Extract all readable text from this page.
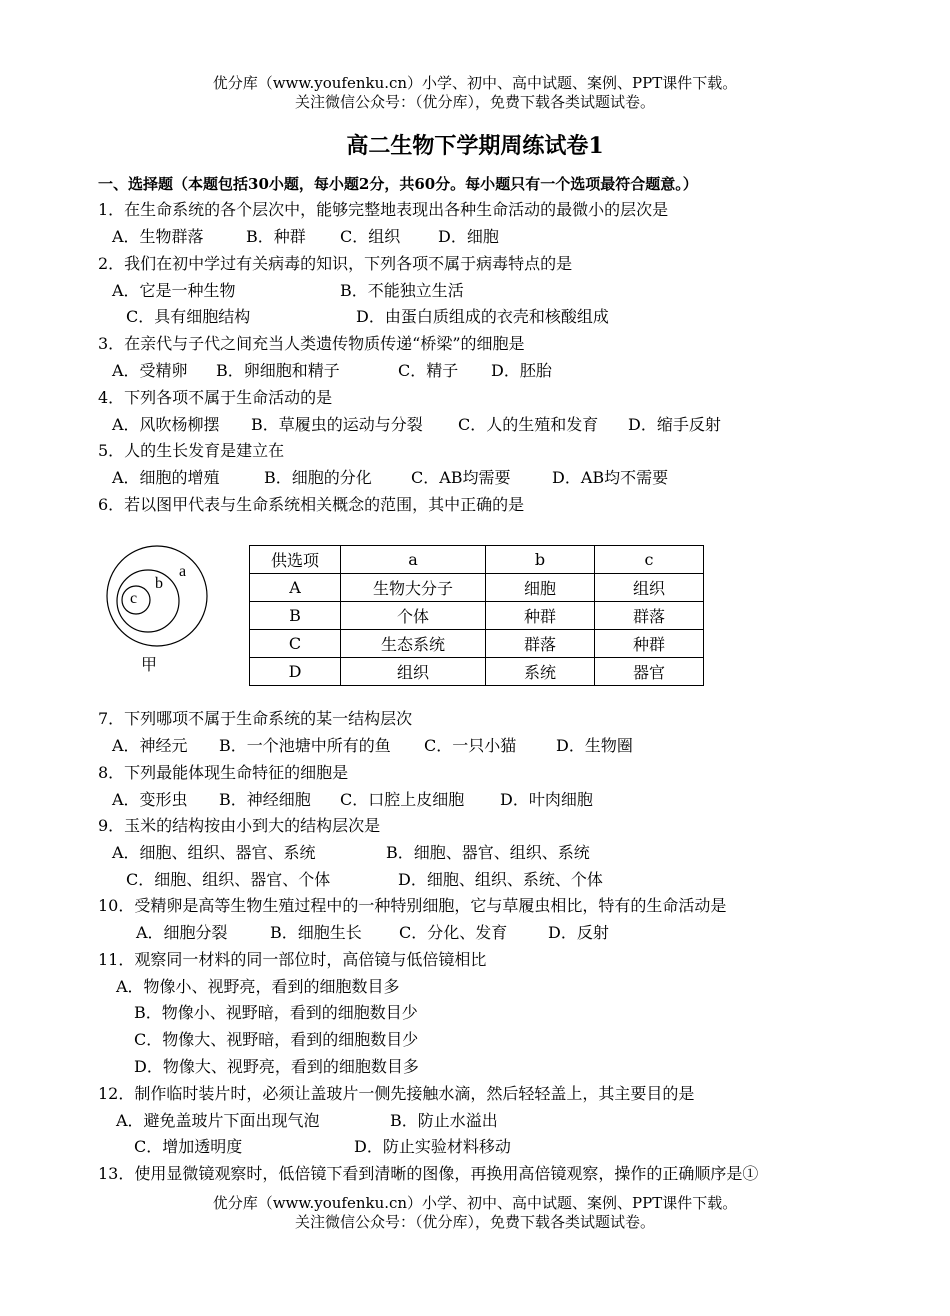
优分库（www.youfenku.cn）小学、初中、高中试题、案例、PPT课件下载。
关注微信公众号：（优分库），免费下载各类试题试卷。
高二生物下学期周练试卷1
一、选择题（本题包括30小题，每小题2分，共60分。每小题只有一个选项最符合题意。）
1．在生命系统的各个层次中，能够完整地表现出各种生命活动的最微小的层次是
A．生物群落	B．种群 C．组织 D．细胞
2．我们在初中学过有关病毒的知识，下列各项不属于病毒特点的是
A．它是一种生物	B．不能独立生活
C．具有细胞结构	D．由蛋白质组成的衣壳和核酸组成
3．在亲代与子代之间充当人类遗传物质传递“桥梁”的细胞是
A．受精卵 B．卵细胞和精子	C．精子 D．胚胎
4．下列各项不属于生命活动的是
A．风吹杨柳摆 B．草履虫的运动与分裂 C．人的生殖和发育 D．缩手反射
5．人的生长发育是建立在
A．细胞的增殖	B．细胞的分化 C．AB均需要	D．AB均不需要
6．若以图甲代表与生命系统相关概念的范围，其中正确的是
a
b
c
甲
供选项	a	b	c
A	生物大分子	细胞	组织
B	个体	种群	群落
C	生态系统	群落	种群
D	组织	系统	器官
7．下列哪项不属于生命系统的某一结构层次
A．神经元 B．一个池塘中所有的鱼 C．一只小猫 D．生物圈
8．下列最能体现生命特征的细胞是
A．变形虫 B．神经细胞 C．口腔上皮细胞 D．叶肉细胞
9．玉米的结构按由小到大的结构层次是
A．细胞、组织、器官、系统	B．细胞、器官、组织、系统
C．细胞、组织、器官、个体	D．细胞、组织、系统、个体
10．受精卵是高等生物生殖过程中的一种特别细胞，它与草履虫相比，特有的生命活动是
A．细胞分裂	B．细胞生长 C．分化、发育	D．反射
11．观察同一材料的同一部位时，高倍镜与低倍镜相比
A．物像小、视野亮，看到的细胞数目多
B．物像小、视野暗，看到的细胞数目少
C．物像大、视野暗，看到的细胞数目少
D．物像大、视野亮，看到的细胞数目多
12．制作临时装片时，必须让盖玻片一侧先接触水滴，然后轻轻盖上，其主要目的是
A．避免盖玻片下面出现气泡	B．防止水溢出
C．增加透明度	D．防止实验材料移动
13．使用显微镜观察时，低倍镜下看到清晰的图像，再换用高倍镜观察，操作的正确顺序是①
优分库（www.youfenku.cn）小学、初中、高中试题、案例、PPT课件下载。
关注微信公众号：（优分库），免费下载各类试题试卷。
